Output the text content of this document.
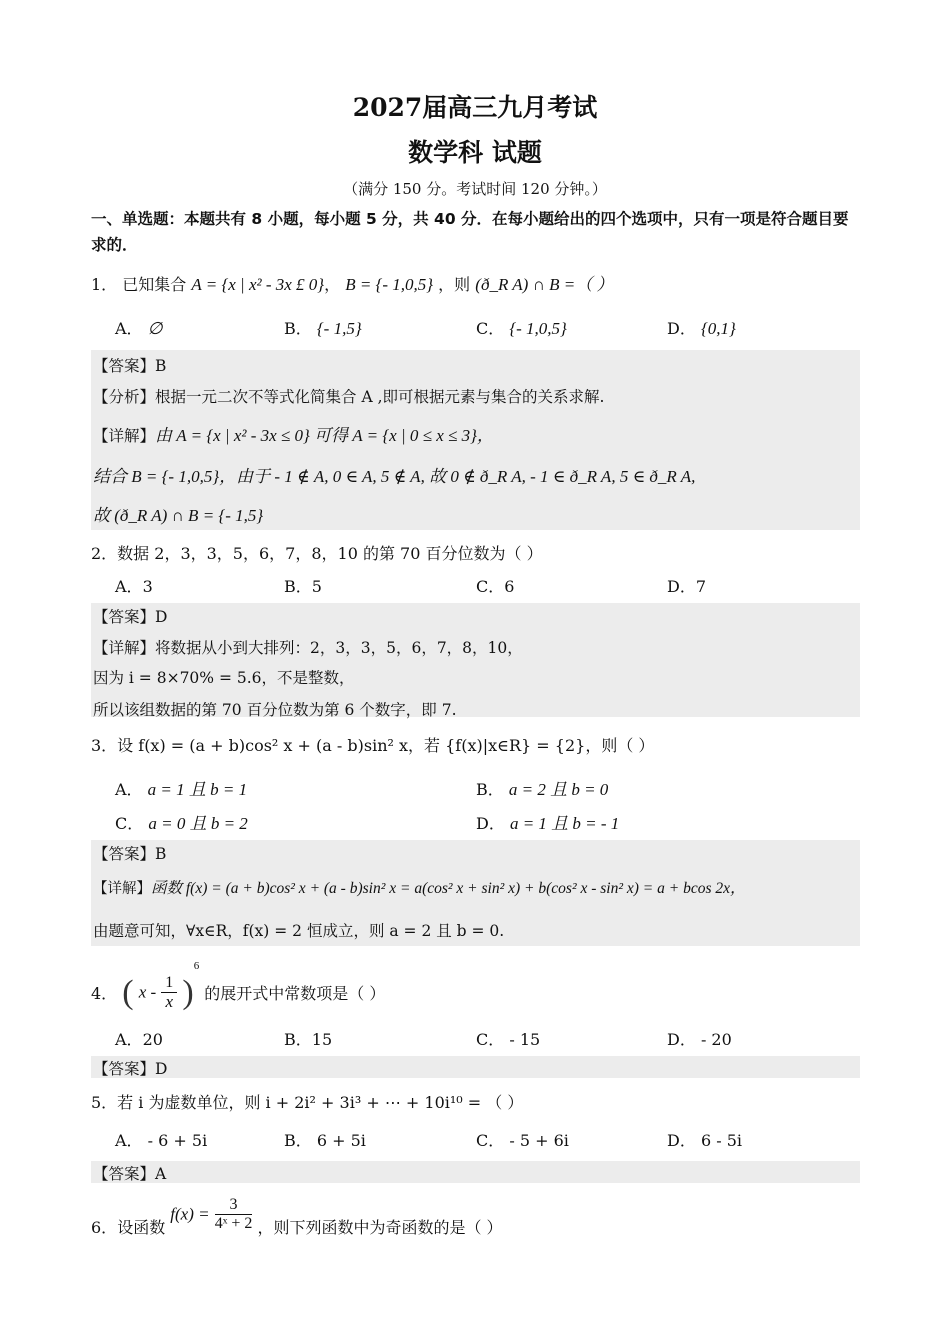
2027届高三九月考试
数学科 试题
（满分 150 分。考试时间 120 分钟。）
一、单选题：本题共有 8 小题，每小题 5 分，共 40 分．在每小题给出的四个选项中，只有一项是符合题目要求的．
1． 已知集合 A = {x | x² - 3x £ 0}， B = {- 1,0,5} ，则 (ð_R A) ∩ B =（ ）
A． ∅	B． {- 1,5}	C． {- 1,0,5}	D． {0,1}
【答案】B
【分析】根据一元二次不等式化简集合 A ,即可根据元素与集合的关系求解.
【详解】由 A = {x | x² - 3x ≤ 0} 可得 A = {x | 0 ≤ x ≤ 3}，
结合 B = {- 1,0,5}，由于 - 1 ∉ A, 0 ∈ A, 5 ∉ A, 故 0 ∉ ð_R A, - 1 ∈ ð_R A, 5 ∈ ð_R A,
故 (ð_R A) ∩ B = {- 1,5}
2．数据 2，3，3，5，6，7，8，10 的第 70 百分位数为（ ）
A．3	B．5	C．6	D．7
【答案】D
【详解】将数据从小到大排列：2，3，3，5，6，7，8，10，
因为 i = 8×70% = 5.6，不是整数，
所以该组数据的第 70 百分位数为第 6 个数字，即 7.
3．设 f(x) = (a + b)cos² x + (a - b)sin² x，若 {f(x)|x∈R} = {2}，则（ ）
A． a = 1 且 b = 1	B． a = 2 且 b = 0
C． a = 0 且 b = 2	D． a = 1 且 b = - 1
【答案】B
【详解】函数 f(x) = (a + b)cos² x + (a - b)sin² x = a(cos² x + sin² x) + b(cos² x - sin² x) = a + bcos 2x，
由题意可知，∀x∈R，f(x) = 2 恒成立，则 a = 2 且 b = 0.
4． ( x - $\frac{1}{x} )^6$ 的展开式中常数项是（ ）
A．20	B．15	C． - 15	D． - 20
【答案】D
5．若 i 为虚数单位，则 i + 2i² + 3i³ + ⋯ + 10i¹⁰ = （ ）
A． - 6 + 5i	B． 6 + 5i	C． - 5 + 6i	D． 6 - 5i
【答案】A
6．设函数 $f(x) = \frac{3}{\text{4ˣ + 2}}$ ，则下列函数中为奇函数的是（ ）
